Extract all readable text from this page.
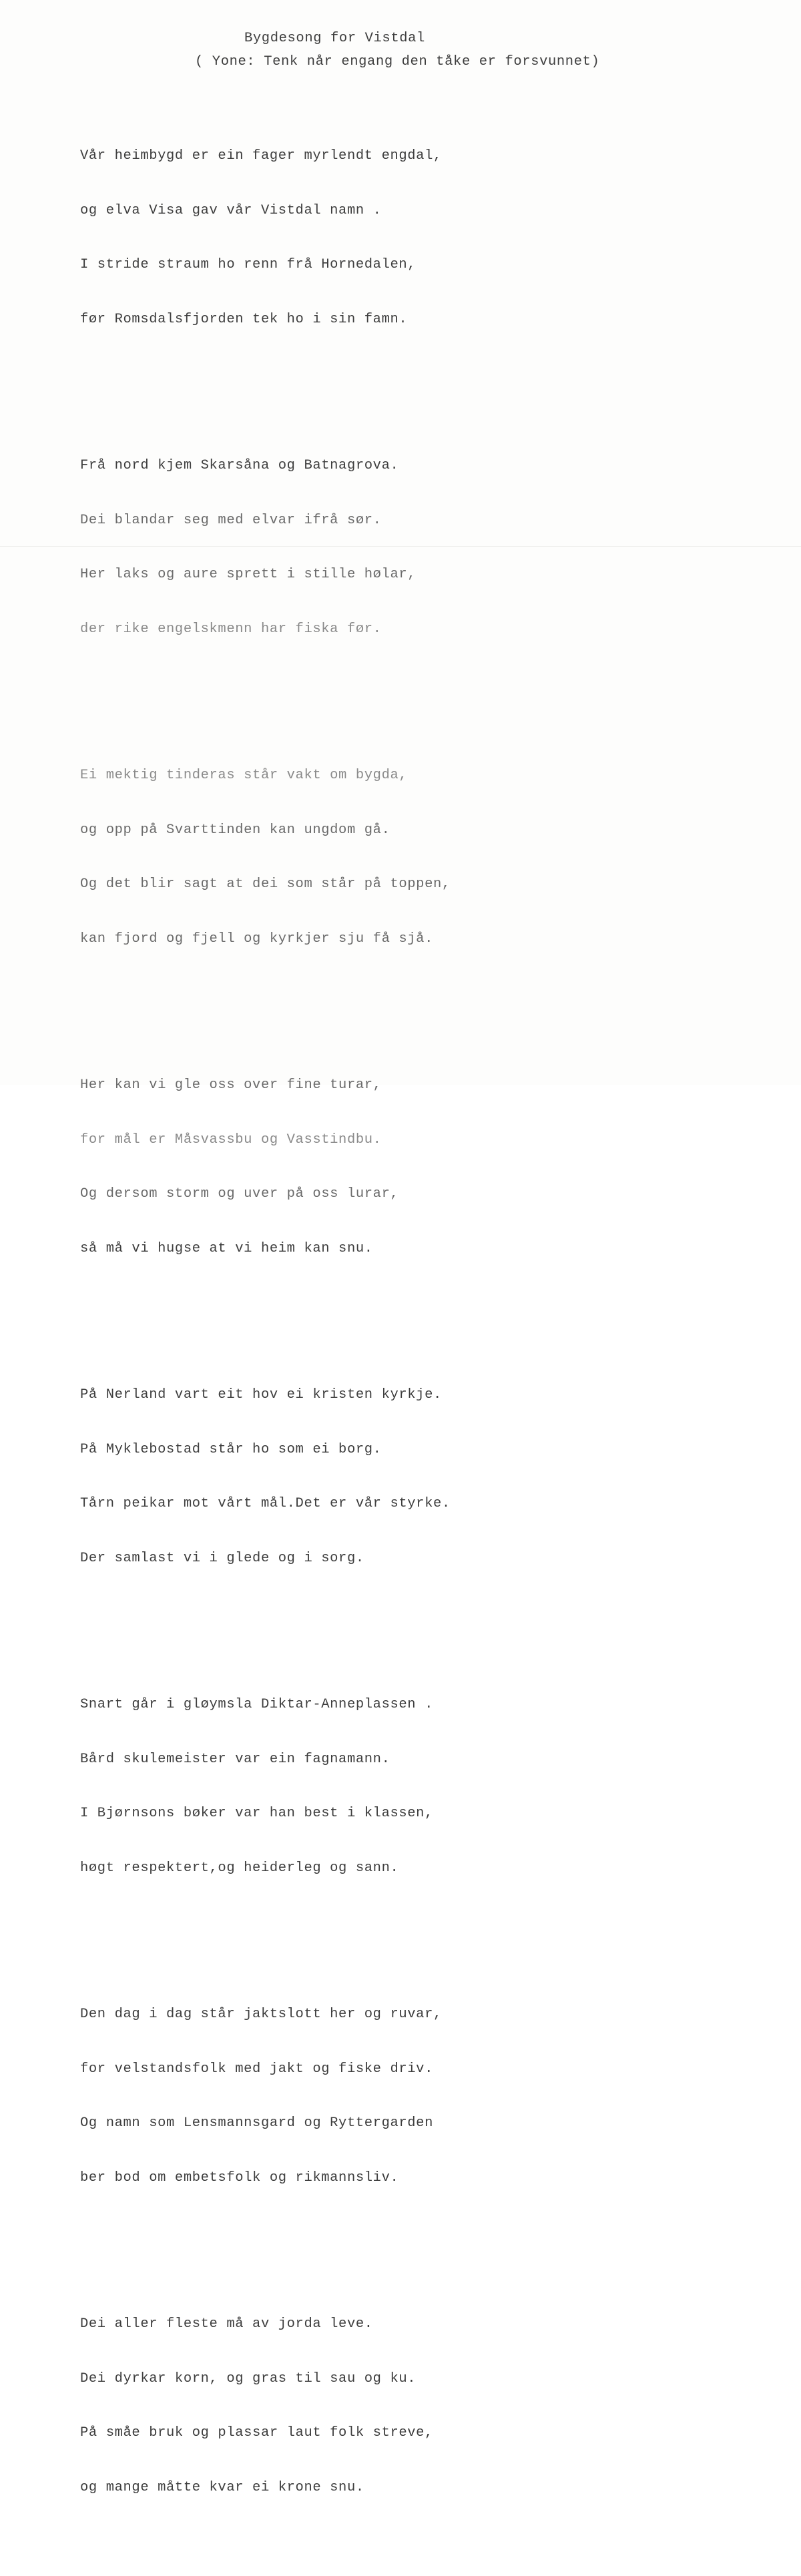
Bygdesong for Vistdal
( Yone: Tenk når engang den tåke er forsvunnet)

Vår heimbygd er ein fager myrlendt engdal,

og elva Visa gav vår Vistdal namn .

I stride straum ho renn frå Hornedalen,

før Romsdalsfjorden tek ho i sin famn.

Frå nord kjem Skarsåna og Batnagrova.

Dei blandar seg med elvar ifrå sør.

Her laks og aure sprett i stille hølar,

der rike engelskmenn har fiska før.

Ei mektig tinderas står vakt om bygda,

og opp på Svarttinden kan ungdom gå.

Og det blir sagt at dei som står på toppen,

kan fjord og fjell og kyrkjer sju få sjå.

Her kan vi gle oss over fine turar,

for mål er Måsvassbu og Vasstindbu.

Og dersom storm og uver på oss lurar,

så må vi hugse at vi heim kan snu.

På Nerland vart eit hov ei kristen kyrkje.

På Myklebostad står ho som ei borg.

Tårn peikar mot vårt mål.Det er vår styrke.

Der samlast vi i glede og i sorg.

Snart går i gløymsla Diktar-Anneplassen .

Bård skulemeister var ein fagnamann.

I Bjørnsons bøker var han best i klassen,

høgt respektert,og heiderleg og sann.

Den dag i dag står jaktslott her og ruvar,

for velstandsfolk med jakt og fiske driv.

Og namn som Lensmannsgard og Ryttergarden

ber bod om embetsfolk og rikmannsliv.

Dei aller fleste må av jorda leve.

Dei dyrkar korn, og gras til sau og ku.

På småe bruk og plassar laut folk streve,

og mange måtte kvar ei krone snu.
